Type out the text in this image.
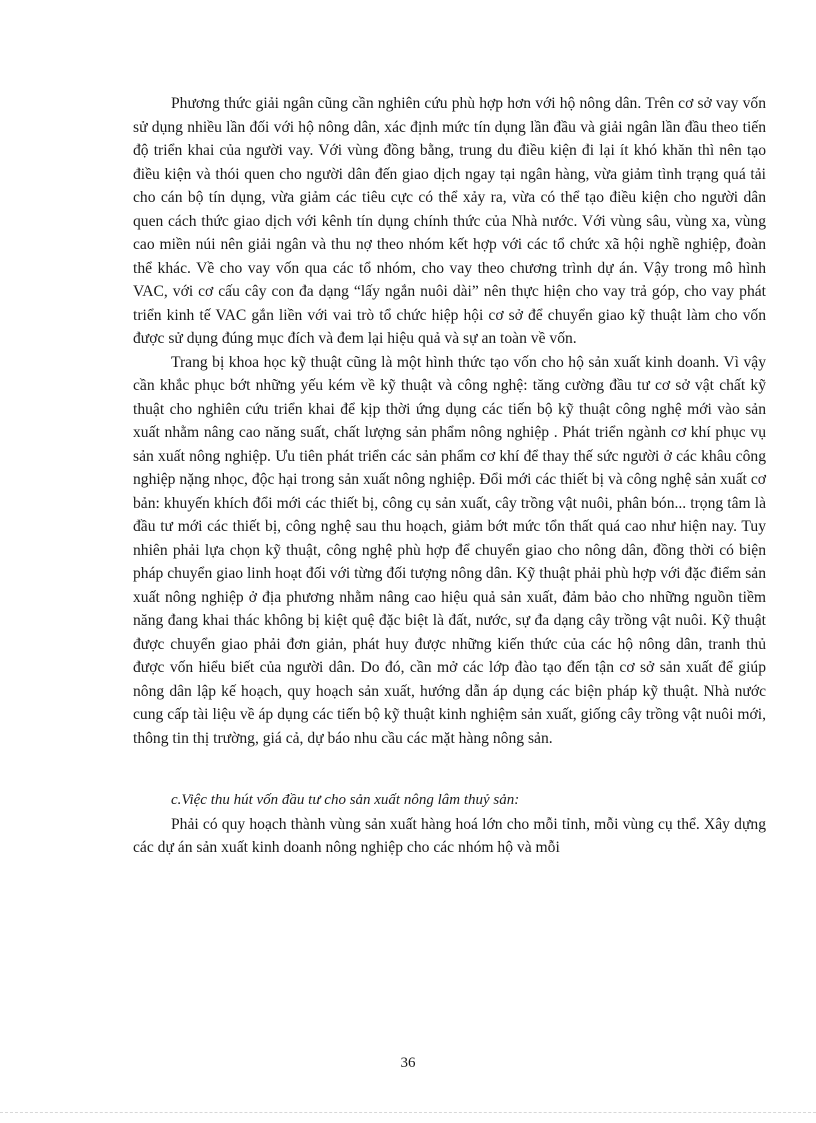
Phương thức giải ngân cũng cần nghiên cứu phù hợp hơn với hộ nông dân. Trên cơ sở vay vốn sử dụng nhiều lần đối với hộ nông dân, xác định mức tín dụng lần đầu và giải ngân lần đầu theo tiến độ triển khai của người vay. Với vùng đồng bằng, trung du điều kiện đi lại ít khó khăn thì nên tạo điều kiện và thói quen cho người dân đến giao dịch ngay tại ngân hàng, vừa giảm tình trạng quá tải cho cán bộ tín dụng, vừa giảm các tiêu cực có thể xảy ra, vừa có thể tạo điều kiện cho người dân quen cách thức giao dịch với kênh tín dụng chính thức của Nhà nước. Với vùng sâu, vùng xa, vùng cao miền núi nên giải ngân và thu nợ theo nhóm kết hợp với các tổ chức xã hội nghề nghiệp, đoàn thể khác. Về cho vay vốn qua các tổ nhóm, cho vay theo chương trình dự án. Vậy trong mô hình VAC, với cơ cấu cây con đa dạng “lấy ngắn nuôi dài” nên thực hiện cho vay trả góp, cho vay phát triển kinh tế VAC gắn liền với vai trò tổ chức hiệp hội cơ sở để chuyển giao kỹ thuật làm cho vốn được sử dụng đúng mục đích và đem lại hiệu quả và sự an toàn về vốn.

Trang bị khoa học kỹ thuật cũng là một hình thức tạo vốn cho hộ sản xuất kinh doanh. Vì vậy cần khắc phục bớt những yếu kém về kỹ thuật và công nghệ: tăng cường đầu tư cơ sở vật chất kỹ thuật cho nghiên cứu triển khai để kịp thời ứng dụng các tiến bộ kỹ thuật công nghệ mới vào sản xuất nhằm nâng cao năng suất, chất lượng sản phẩm nông nghiệp . Phát triển ngành cơ khí phục vụ sản xuất nông nghiệp. Ưu tiên phát triển các sản phẩm cơ khí để thay thế sức người ở các khâu công nghiệp nặng nhọc, độc hại trong sản xuất nông nghiệp. Đổi mới các thiết bị và công nghệ sản xuất cơ bản: khuyến khích đổi mới các thiết bị, công cụ sản xuất, cây trồng vật nuôi, phân bón... trọng tâm là đầu tư mới các thiết bị, công nghệ sau thu hoạch, giảm bớt mức tổn thất quá cao như hiện nay. Tuy nhiên phải lựa chọn kỹ thuật, công nghệ phù hợp để chuyển giao cho nông dân, đồng thời có biện pháp chuyển giao linh hoạt đối với từng đối tượng nông dân. Kỹ thuật phải phù hợp với đặc điểm sản xuất nông nghiệp ở địa phương nhằm nâng cao hiệu quả sản xuất, đảm bảo cho những nguồn tiềm năng đang khai thác không bị kiệt quệ đặc biệt là đất, nước, sự đa dạng cây trồng vật nuôi. Kỹ thuật được chuyển giao phải đơn giản, phát huy được những kiến thức của các hộ nông dân, tranh thủ được vốn hiểu biết của người dân. Do đó, cần mở các lớp đào tạo đến tận cơ sở sản xuất để giúp nông dân lập kế hoạch, quy hoạch sản xuất, hướng dẫn áp dụng các biện pháp kỹ thuật. Nhà nước cung cấp tài liệu về áp dụng các tiến bộ kỹ thuật kinh nghiệm sản xuất, giống cây trồng vật nuôi mới, thông tin thị trường, giá cả, dự báo nhu cầu các mặt hàng nông sản.

c.Việc thu hút vốn đầu tư cho sản xuất nông lâm thuỷ sản:

Phải có quy hoạch thành vùng sản xuất hàng hoá lớn cho mỗi tỉnh, mỗi vùng cụ thể. Xây dựng các dự án sản xuất kinh doanh nông nghiệp cho các nhóm hộ và mỗi

36
